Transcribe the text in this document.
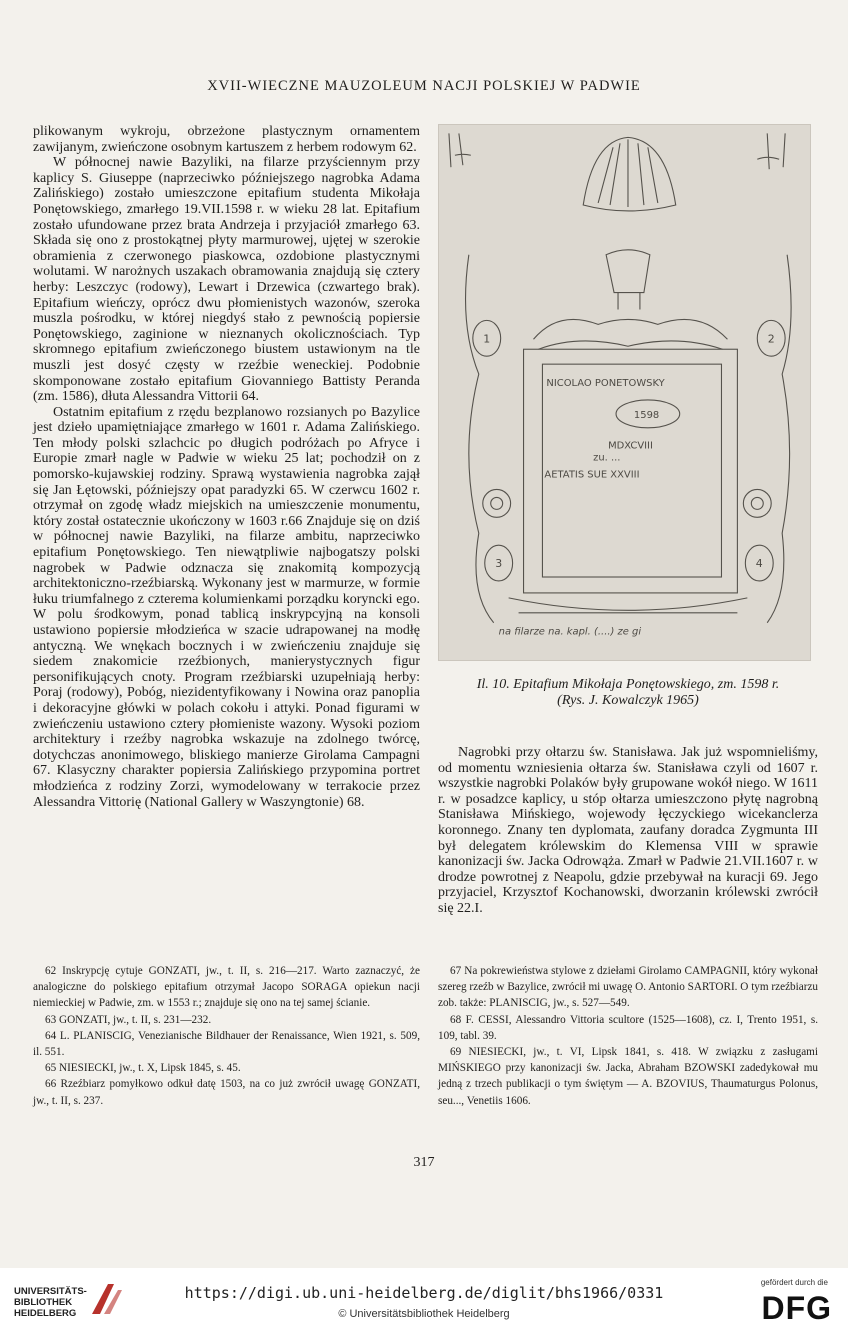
XVII-WIECZNE MAUZOLEUM NACJI POLSKIEJ W PADWIE

plikowanym wykroju, obrzeżone plastycznym ornamentem zawijanym, zwieńczone osobnym kartuszem z herbem rodowym 62.

W północnej nawie Bazyliki, na filarze przyściennym przy kaplicy S. Giuseppe (naprzeciwko późniejszego nagrobka Adama Zalińskiego) zostało umieszczone epitafium studenta Mikołaja Ponętowskiego, zmarłego 19.VII.1598 r. w wieku 28 lat. Epitafium zostało ufundowane przez brata Andrzeja i przyjaciół zmarłego 63. Składa się ono z prostokątnej płyty marmurowej, ujętej w szerokie obramienia z czerwonego piaskowca, ozdobione plastycznymi wolutami. W narożnych uszakach obramowania znajdują się cztery herby: Leszczyc (rodowy), Lewart i Drzewica (czwartego brak). Epitafium wieńczy, oprócz dwu płomienistych wazonów, szeroka muszla pośrodku, w której niegdyś stało z pewnością popiersie Ponętowskiego, zaginione w nieznanych okolicznościach. Typ skromnego epitafium zwieńczonego biustem ustawionym na tle muszli jest dosyć częsty w rzeźbie weneckiej. Podobnie skomponowane zostało epitafium Giovanniego Battisty Peranda (zm. 1586), dłuta Alessandra Vittorii 64.

Ostatnim epitafium z rzędu bezplanowo rozsianych po Bazylice jest dzieło upamiętniające zmarłego w 1601 r. Adama Zalińskiego. Ten młody polski szlachcic po długich podróżach po Afryce i Europie zmarł nagle w Padwie w wieku 25 lat; pochodził on z pomorsko-kujawskiej rodziny. Sprawą wystawienia nagrobka zajął się Jan Łętowski, późniejszy opat paradyzki 65. W czerwcu 1602 r. otrzymał on zgodę władz miejskich na umieszczenie monumentu, który został ostatecznie ukończony w 1603 r.66 Znajduje się on dziś w północnej nawie Bazyliki, na filarze ambitu, naprzeciwko epitafium Ponętowskiego. Ten niewątpliwie najbogatszy polski nagrobek w Padwie odznacza się znakomitą kompozycją architektoniczno-rzeźbiarską. Wykonany jest w marmurze, w formie łuku triumfalnego z czterema kolumienkami porządku koryncki ego. W polu środkowym, ponad tablicą inskrypcyjną na konsoli ustawiono popiersie młodzieńca w szacie udrapowanej na modłę antyczną. We wnękach bocznych i w zwieńczeniu znajduje się siedem znakomicie rzeźbionych, manierystycznych figur personifikujących cnoty. Program rzeźbiarski uzupełniają herby: Poraj (rodowy), Pobóg, niezidentyfikowany i Nowina oraz panoplia i dekoracyjne główki w polach cokołu i attyki. Ponad figurami w zwieńczeniu ustawiono cztery płomieniste wazony. Wysoki poziom architektury i rzeźby nagrobka wskazuje na zdolnego twórcę, dotychczas anonimowego, bliskiego manierze Girolama Campagni 67. Klasyczny charakter popiersia Zalińskiego przypomina portret młodzieńca z rodziny Zorzi, wymodelowany w terrakocie przez Alessandra Vittorię (National Gallery w Waszyngtonie) 68.

1	2
3	4
NICOLAO PONETOWSKY
1598
MDXCVIII
zu. ...
AETATIS SUE XXVIII
na filarze na. kapl. (....) ze gi
Il. 10. Epitafium Mikołaja Ponętowskiego, zm. 1598 r.
(Rys. J. Kowalczyk 1965)

Nagrobki przy ołtarzu św. Stanisława. Jak już wspomnieliśmy, od momentu wzniesienia ołtarza św. Stanisława czyli od 1607 r. wszystkie nagrobki Polaków były grupowane wokół niego. W 1611 r. w posadzce kaplicy, u stóp ołtarza umieszczono płytę nagrobną Stanisława Mińskiego, wojewody łęczyckiego wicekanclerza koronnego. Znany ten dyplomata, zaufany doradca Zygmunta III był delegatem królewskim do Klemensa VIII w sprawie kanonizacji św. Jacka Odrowąża. Zmarł w Padwie 21.VII.1607 r. w drodze powrotnej z Neapolu, gdzie przebywał na kuracji 69. Jego przyjaciel, Krzysztof Kochanowski, dworzanin królewski zwrócił się 22.I.

62 Inskrypcję cytuje GONZATI, jw., t. II, s. 216—217. Warto zaznaczyć, że analogiczne do polskiego epitafium otrzymał Jacopo SORAGA opiekun nacji niemieckiej w Padwie, zm. w 1553 r.; znajduje się ono na tej samej ścianie.

63 GONZATI, jw., t. II, s. 231—232.

64 L. PLANISCIG, Venezianische Bildhauer der Renaissance, Wien 1921, s. 509, il. 551.

65 NIESIECKI, jw., t. X, Lipsk 1845, s. 45.

66 Rzeźbiarz pomyłkowo odkuł datę 1503, na co już zwrócił uwagę GONZATI, jw., t. II, s. 237.

67 Na pokrewieństwa stylowe z dziełami Girolamo CAMPAGNII, który wykonał szereg rzeźb w Bazylice, zwrócił mi uwagę O. Antonio SARTORI. O tym rzeźbiarzu zob. także: PLANISCIG, jw., s. 527—549.

68 F. CESSI, Alessandro Vittoria scultore (1525—1608), cz. I, Trento 1951, s. 109, tabl. 39.

69 NIESIECKI, jw., t. VI, Lipsk 1841, s. 418. W związku z zasługami MIŃSKIEGO przy kanonizacji św. Jacka, Abraham BZOWSKI zadedykował mu jedną z trzech publikacji o tym świętym — A. BZOVIUS, Thaumaturgus Polonus, seu..., Venetiis 1606.

317
UNIVERSITÄTS-
BIBLIOTHEK
HEIDELBERG
https://digi.ub.uni-heidelberg.de/diglit/bhs1966/0331
© Universitätsbibliothek Heidelberg
gefördert durch die
DFG
